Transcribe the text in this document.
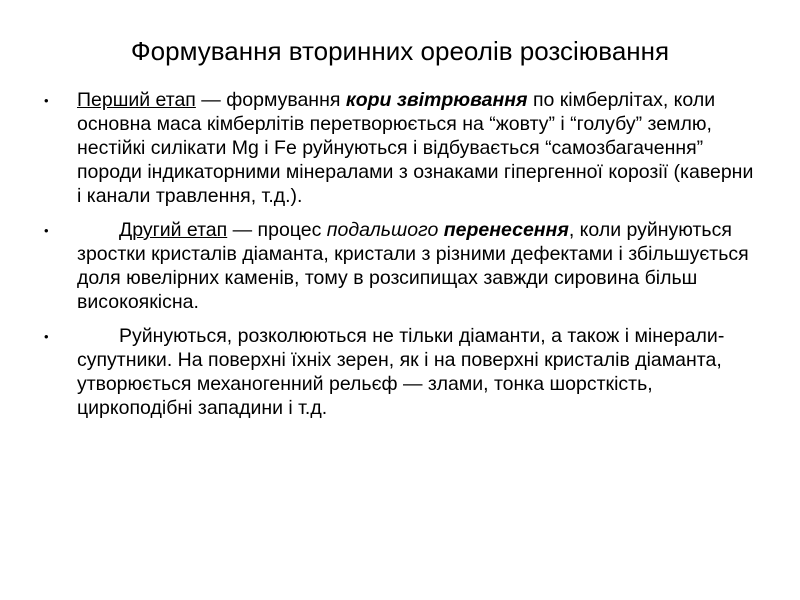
Формування вторинних ореолів розсіювання
• Перший етап — формування кори звітрювання по кімберлітах, коли основна маса кімберлітів перетворюється на “жовту” і “голубу” землю, нестійкі силікати Mg і Fe руйнуються і відбувається “самозбагачення” породи індикаторними мінералами з ознаками гіпергенної корозії (каверни і канали травлення, т.д.).
•	Другий етап — процес подальшого перенесення, коли руйнуються зростки кристалів діаманта, кристали з різними дефектами і збільшується доля ювелірних каменів, тому в розсипищах завжди сировина більш високоякісна.
•	Руйнуються, розколюються не тільки діаманти, а також і мінерали-супутники. На поверхні їхніх зерен, як і на поверхні кристалів діаманта, утворюється механогенний рельєф — злами, тонка шорсткість, циркоподібні западини і т.д.
